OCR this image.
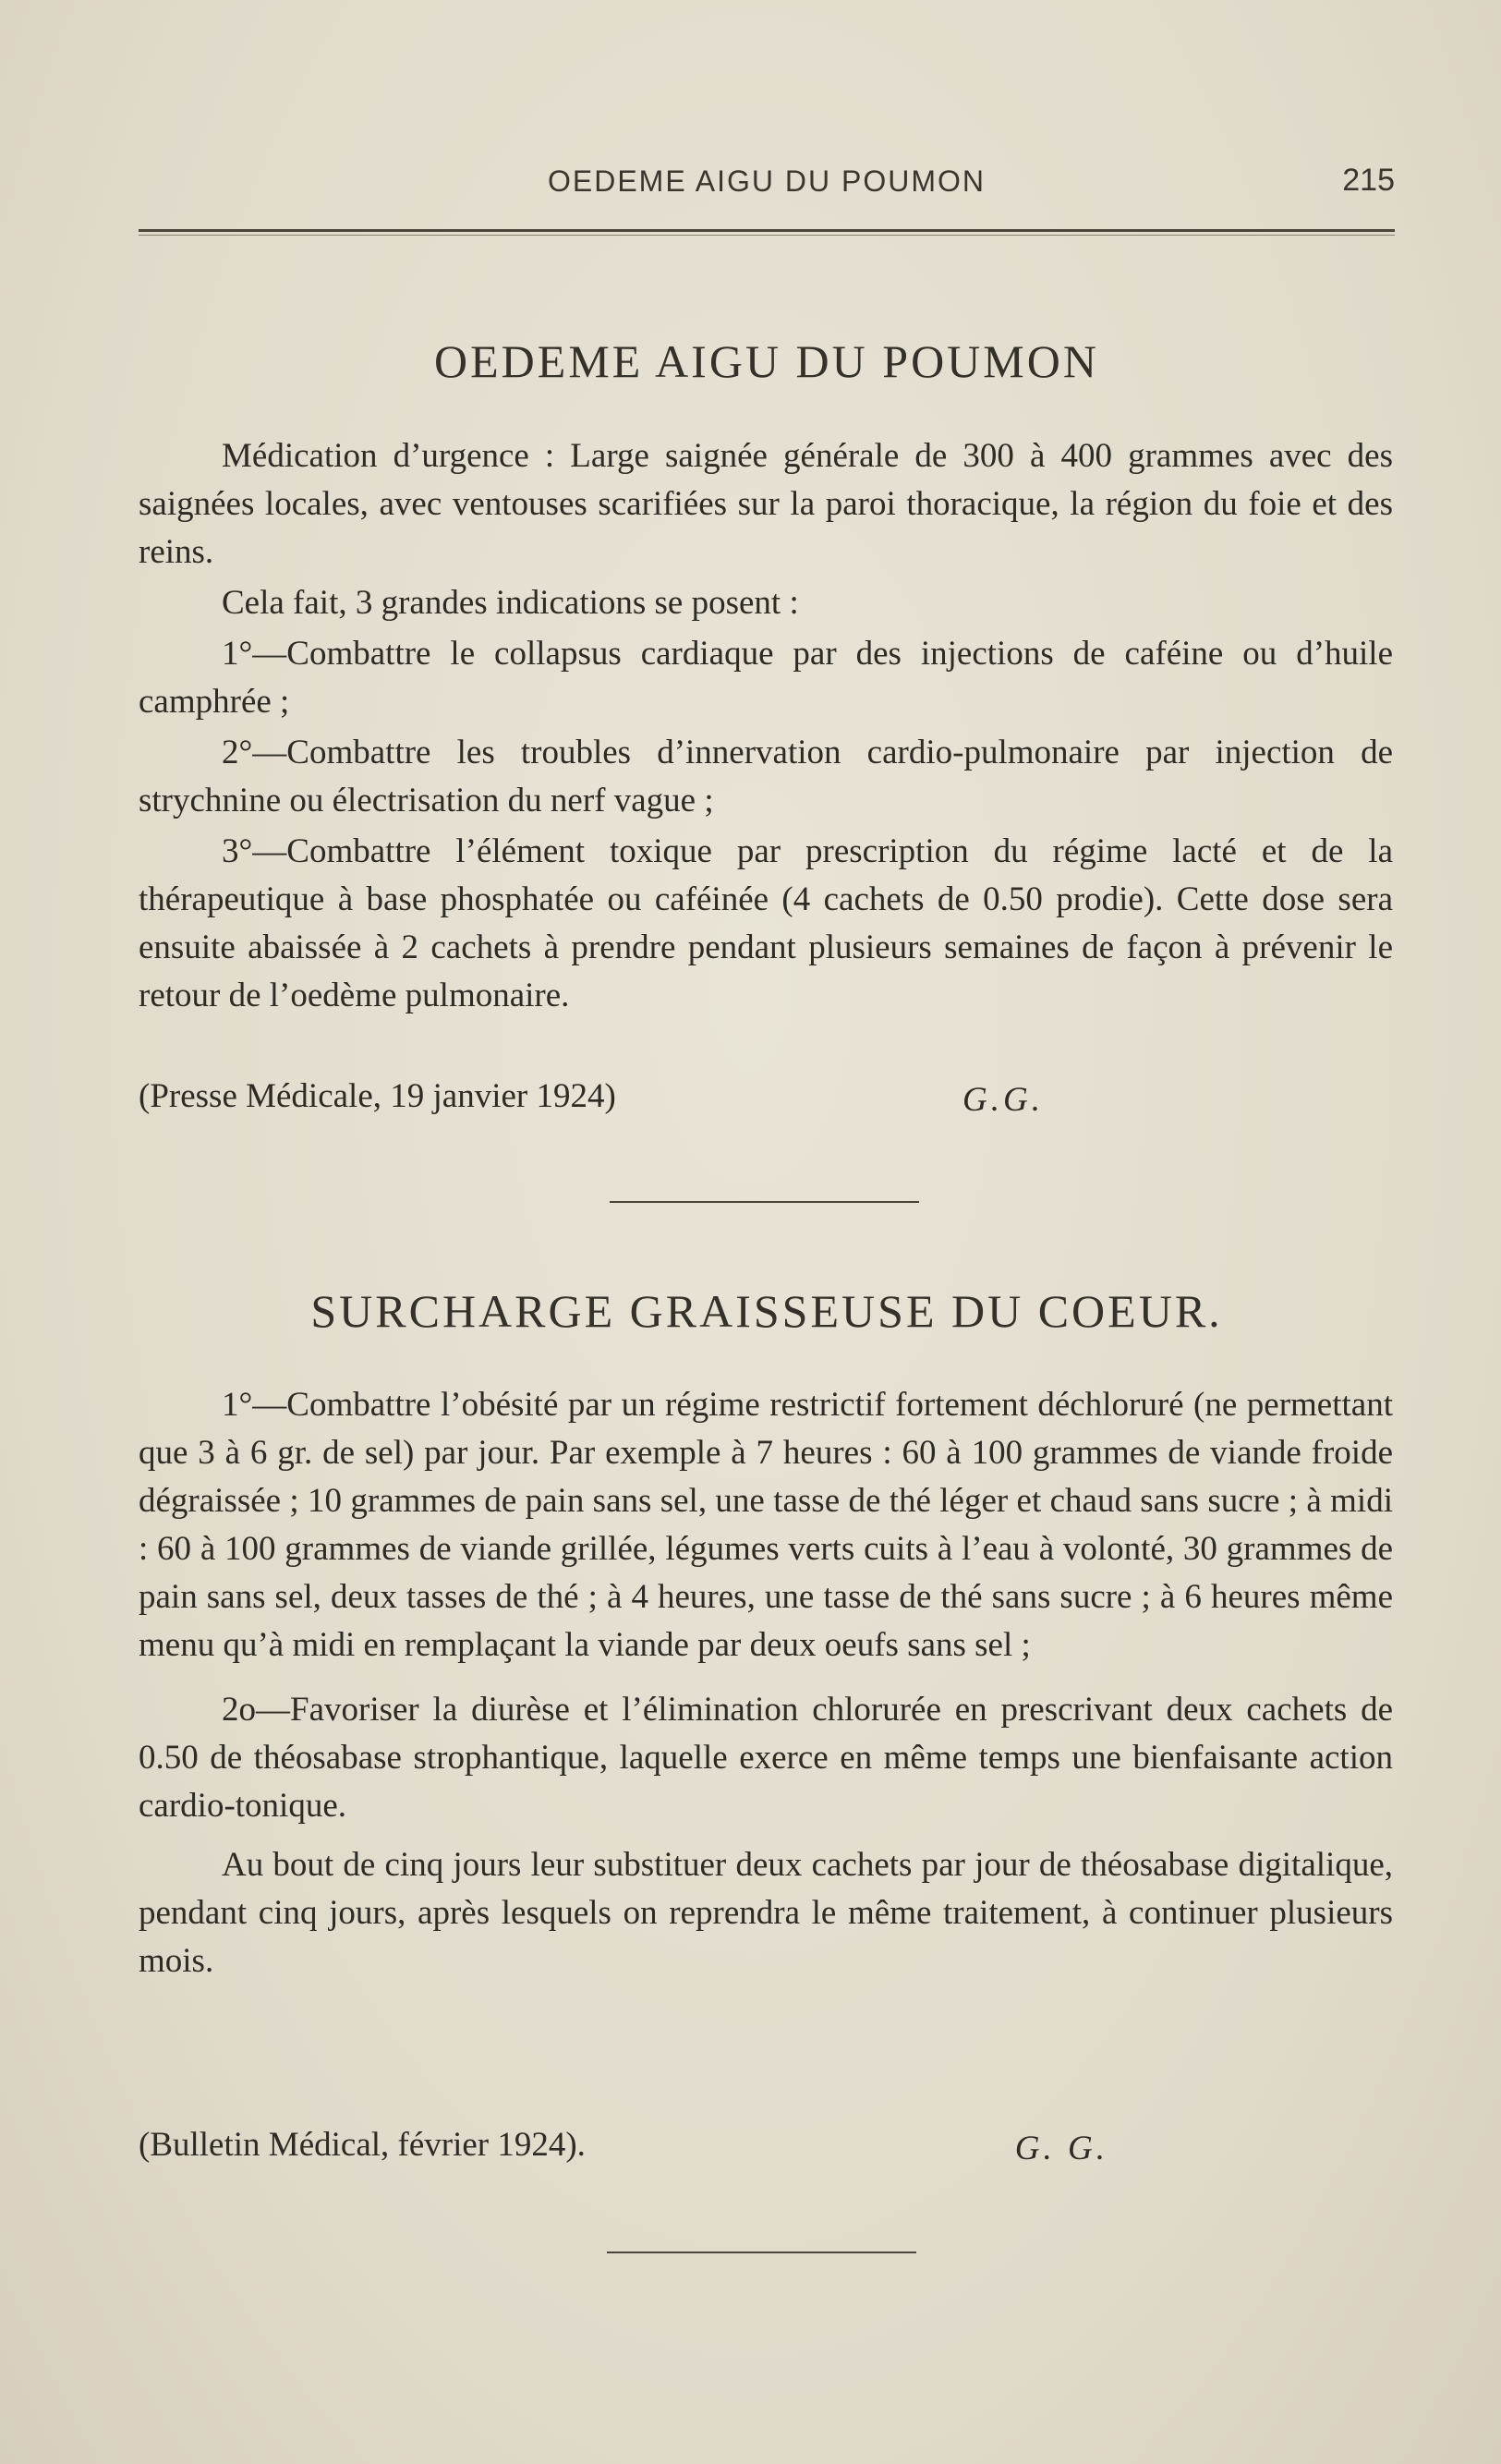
OEDEME AIGU DU POUMON	215
OEDEME AIGU DU POUMON

Médication d’urgence : Large saignée générale de 300 à 400 grammes avec des saignées locales, avec ventouses scarifiées sur la paroi thoracique, la région du foie et des reins.

Cela fait, 3 grandes indications se posent :

1°—Combattre le collapsus cardiaque par des injections de caféine ou d’huile camphrée ;

2°—Combattre les troubles d’innervation cardio-pulmonaire par injection de strychnine ou électrisation du nerf vague ;

3°—Combattre l’élément toxique par prescription du régime lacté et de la thérapeutique à base phosphatée ou caféinée (4 cachets de 0.50 prodie). Cette dose sera ensuite abaissée à 2 cachets à prendre pendant plusieurs semaines de façon à prévenir le retour de l’oedème pulmonaire.

(Presse Médicale, 19 janvier 1924)	G.G.
SURCHARGE GRAISSEUSE DU COEUR.

1°—Combattre l’obésité par un régime restrictif fortement déchloruré (ne permettant que 3 à 6 gr. de sel) par jour. Par exemple à 7 heures : 60 à 100 grammes de viande froide dégraissée ; 10 grammes de pain sans sel, une tasse de thé léger et chaud sans sucre ; à midi : 60 à 100 grammes de viande grillée, légumes verts cuits à l’eau à volonté, 30 grammes de pain sans sel, deux tasses de thé ; à 4 heures, une tasse de thé sans sucre ; à 6 heures même menu qu’à midi en remplaçant la viande par deux oeufs sans sel ;

2o—Favoriser la diurèse et l’élimination chlorurée en prescrivant deux cachets de 0.50 de théosabase strophantique, laquelle exerce en même temps une bienfaisante action cardio-tonique.

Au bout de cinq jours leur substituer deux cachets par jour de théosabase digitalique, pendant cinq jours, après lesquels on reprendra le même traitement, à continuer plusieurs mois.

(Bulletin Médical, février 1924).	G. G.
